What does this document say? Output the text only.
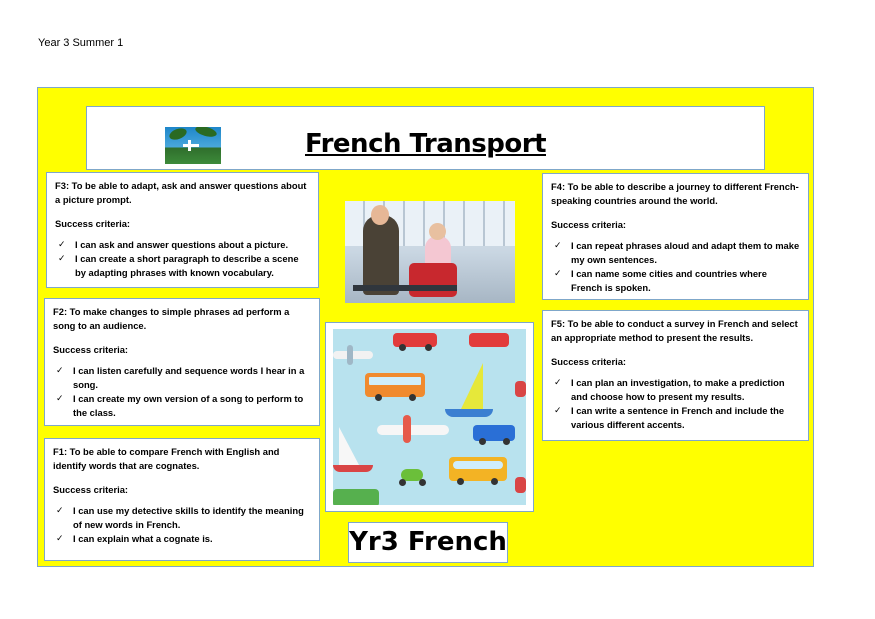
Year 3 Summer 1
French Transport
F3: To be able to adapt, ask and answer questions about a picture prompt.
Success criteria:
✓ I can ask and answer questions about a picture.
✓ I can create a short paragraph to describe a scene by adapting phrases with known vocabulary.
F2: To make changes to simple phrases ad perform a song to an audience.
Success criteria:
✓ I can listen carefully and sequence words I hear in a song.
✓ I can create my own version of a song to perform to the class.
F1: To be able to compare French with English and identify words that are cognates.
Success criteria:
✓ I can use my detective skills to identify the meaning of new words in French.
✓ I can explain what a cognate is.
F4: To be able to describe a journey to different French-speaking countries around the world.
Success criteria:
✓ I can repeat phrases aloud and adapt them to make my own sentences.
✓ I can name some cities and countries where French is spoken.
F5: To be able to conduct a survey in French and select an appropriate method to present the results.
Success criteria:
✓ I can plan an investigation, to make a prediction and choose how to present my results.
✓ I can write a sentence in French and include the various different accents.
Yr3 French
